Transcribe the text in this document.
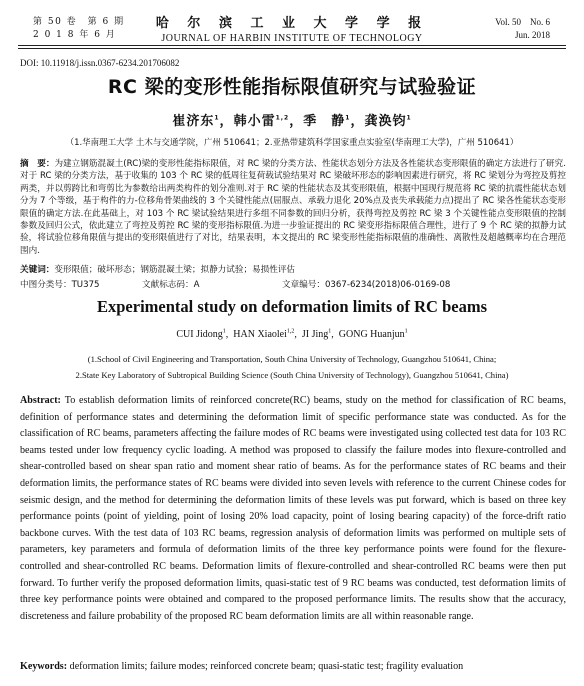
第 50 卷　第 6 期
2 0 1 8 年 6 月
哈 尔 滨 工 业 大 学 学 报
JOURNAL OF HARBIN INSTITUTE OF TECHNOLOGY
Vol. 50　No. 6
Jun. 2018
DOI: 10.11918/j.issn.0367-6234.201706082
RC 梁的变形性能指标限值研究与试验验证
崔济东$^1$，韩小雷$^{1,2}$，季　静$^1$，龚涣钧$^1$
（1.华南理工大学 土木与交通学院，广州 510641；2.亚热带建筑科学国家重点实验室(华南理工大学)，广州 510641）
摘　要：为建立钢筋混凝土(RC)梁的变形性能指标限值，对 RC 梁的分类方法、性能状态划分方法及各性能状态变形限值的确定方法进行了研究.对于 RC 梁的分类方法，基于收集的 103 个 RC 梁的低周往复荷载试验结果对 RC 梁破坏形态的影响因素进行研究，将 RC 梁划分为弯控及剪控两类，并以剪跨比和弯剪比为参数给出两类构件的划分准则.对于 RC 梁的性能状态及其变形限值，根据中国现行规范将 RC 梁的抗震性能状态划分为 7 个等级，基于构件的力-位移角骨架曲线的 3 个关键性能点(屈服点、承载力退化 20%点及丧失承载能力点)提出了 RC 梁各性能状态变形限值的确定方法.在此基础上，对 103 个 RC 梁试验结果进行多组不同参数的回归分析，获得弯控及剪控 RC 梁 3 个关键性能点变形限值的控制参数及回归公式，依此建立了弯控及剪控 RC 梁的变形指标限值.为进一步验证提出的 RC 梁变形指标限值合理性，进行了 9 个 RC 梁的拟静力试验，将试验位移角限值与提出的变形限值进行了对比，结果表明，本文提出的 RC 梁变形性能指标限值的准确性、离散性及超越概率均在合理范围内.
关键词：变形限值；破坏形态；钢筋混凝土梁；拟静力试验；易损性评估
中图分类号：TU375	文献标志码：A	文章编号：0367-6234(2018)06-0169-08
Experimental study on deformation limits of RC beams
CUI Jidong$^1$,  HAN Xiaolei$^{1,2}$,  JI Jing$^1$,  GONG Huanjun$^1$
(1.School of Civil Engineering and Transportation, South China University of Technology, Guangzhou 510641, China;
2.State Key Laboratory of Subtropical Building Science (South China University of Technology), Guangzhou 510641, China)
Abstract: To establish deformation limits of reinforced concrete(RC) beams, study on the method for classification of RC beams, definition of performance states and determining the deformation limit of specific performance state was conducted. As for the classification of RC beams, parameters affecting the failure modes of RC beams were investigated using collected test data for 103 RC beams tested under low frequency cyclic loading. A method was proposed to classify the failure modes into flexure-controlled and shear-controlled based on shear span ratio and moment shear ratio of beams. As for the performance states of RC beams and their deformation limits, the performance states of RC beams were divided into seven levels with reference to the current Chinese codes for seismic design, and the method for determining the deformation limits of these levels was put forward, which is based on three key performance points (point of yielding, point of losing 20% load capacity, point of losing bearing capacity) of the force-drift ratio backbone curves. With the test data of 103 RC beams, regression analysis of deformation limits was performed on multiple sets of parameters, key parameters and formula of deformation limits of the three key performance points were found for the flexure-controlled and shear-controlled RC beams. Deformation limits of flexure-controlled and shear-controlled RC beams were then put forward. To further verify the proposed deformation limits, quasi-static test of 9 RC beams was conducted, test deformation limits of three key performance points were obtained and compared to the proposed performance limits. The results show that the accuracy, discreteness and failure probability of the proposed RC beam deformation limits are all within reasonable range.
Keywords: deformation limits; failure modes; reinforced concrete beam; quasi-static test; fragility evaluation
